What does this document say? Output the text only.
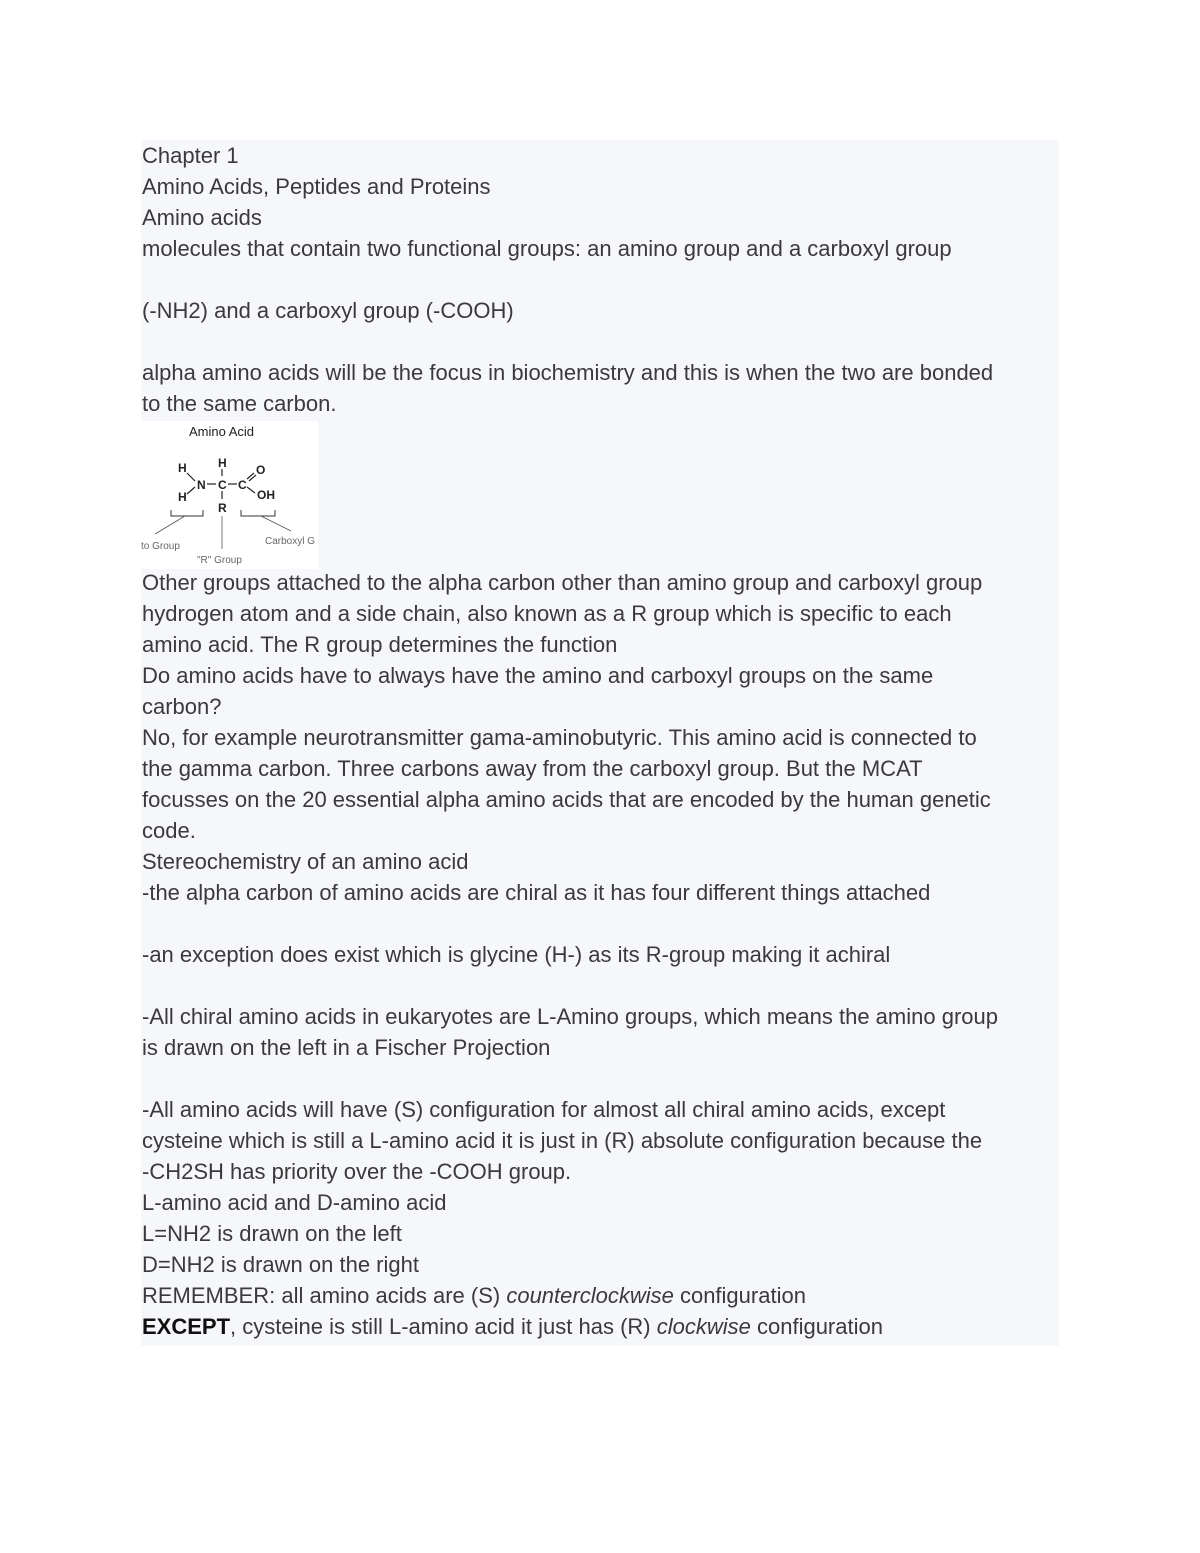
Chapter 1
Amino Acids, Peptides and Proteins
Amino acids
molecules that contain two functional groups: an amino group and a carboxyl group
(-NH2) and a carboxyl group (-COOH)
alpha amino acids will be the focus in biochemistry and this is when the two are bonded
to the same carbon.
Amino Acid
H
H
N
H
C
R
C
O
OH
to Group
"R" Group
Carboxyl G
Other groups attached to the alpha carbon other than amino group and carboxyl group
hydrogen atom and a side chain, also known as a R group which is specific to each
amino acid. The R group determines the function
Do amino acids have to always have the amino and carboxyl groups on the same
carbon?
No, for example neurotransmitter gama-aminobutyric. This amino acid is connected to
the gamma carbon. Three carbons away from the carboxyl group. But the MCAT
focusses on the 20 essential alpha amino acids that are encoded by the human genetic
code.
Stereochemistry of an amino acid
-the alpha carbon of amino acids are chiral as it has four different things attached
-an exception does exist which is glycine (H-) as its R-group making it achiral
-All chiral amino acids in eukaryotes are L-Amino groups, which means the amino group
is drawn on the left in a Fischer Projection
-All amino acids will have (S) configuration for almost all chiral amino acids, except
cysteine which is still a L-amino acid it is just in (R) absolute configuration because the
-CH2SH has priority over the -COOH group.
L-amino acid and D-amino acid
L=NH2 is drawn on the left
D=NH2 is drawn on the right
REMEMBER: all amino acids are (S) counterclockwise configuration
EXCEPT, cysteine is still L-amino acid it just has (R) clockwise configuration
